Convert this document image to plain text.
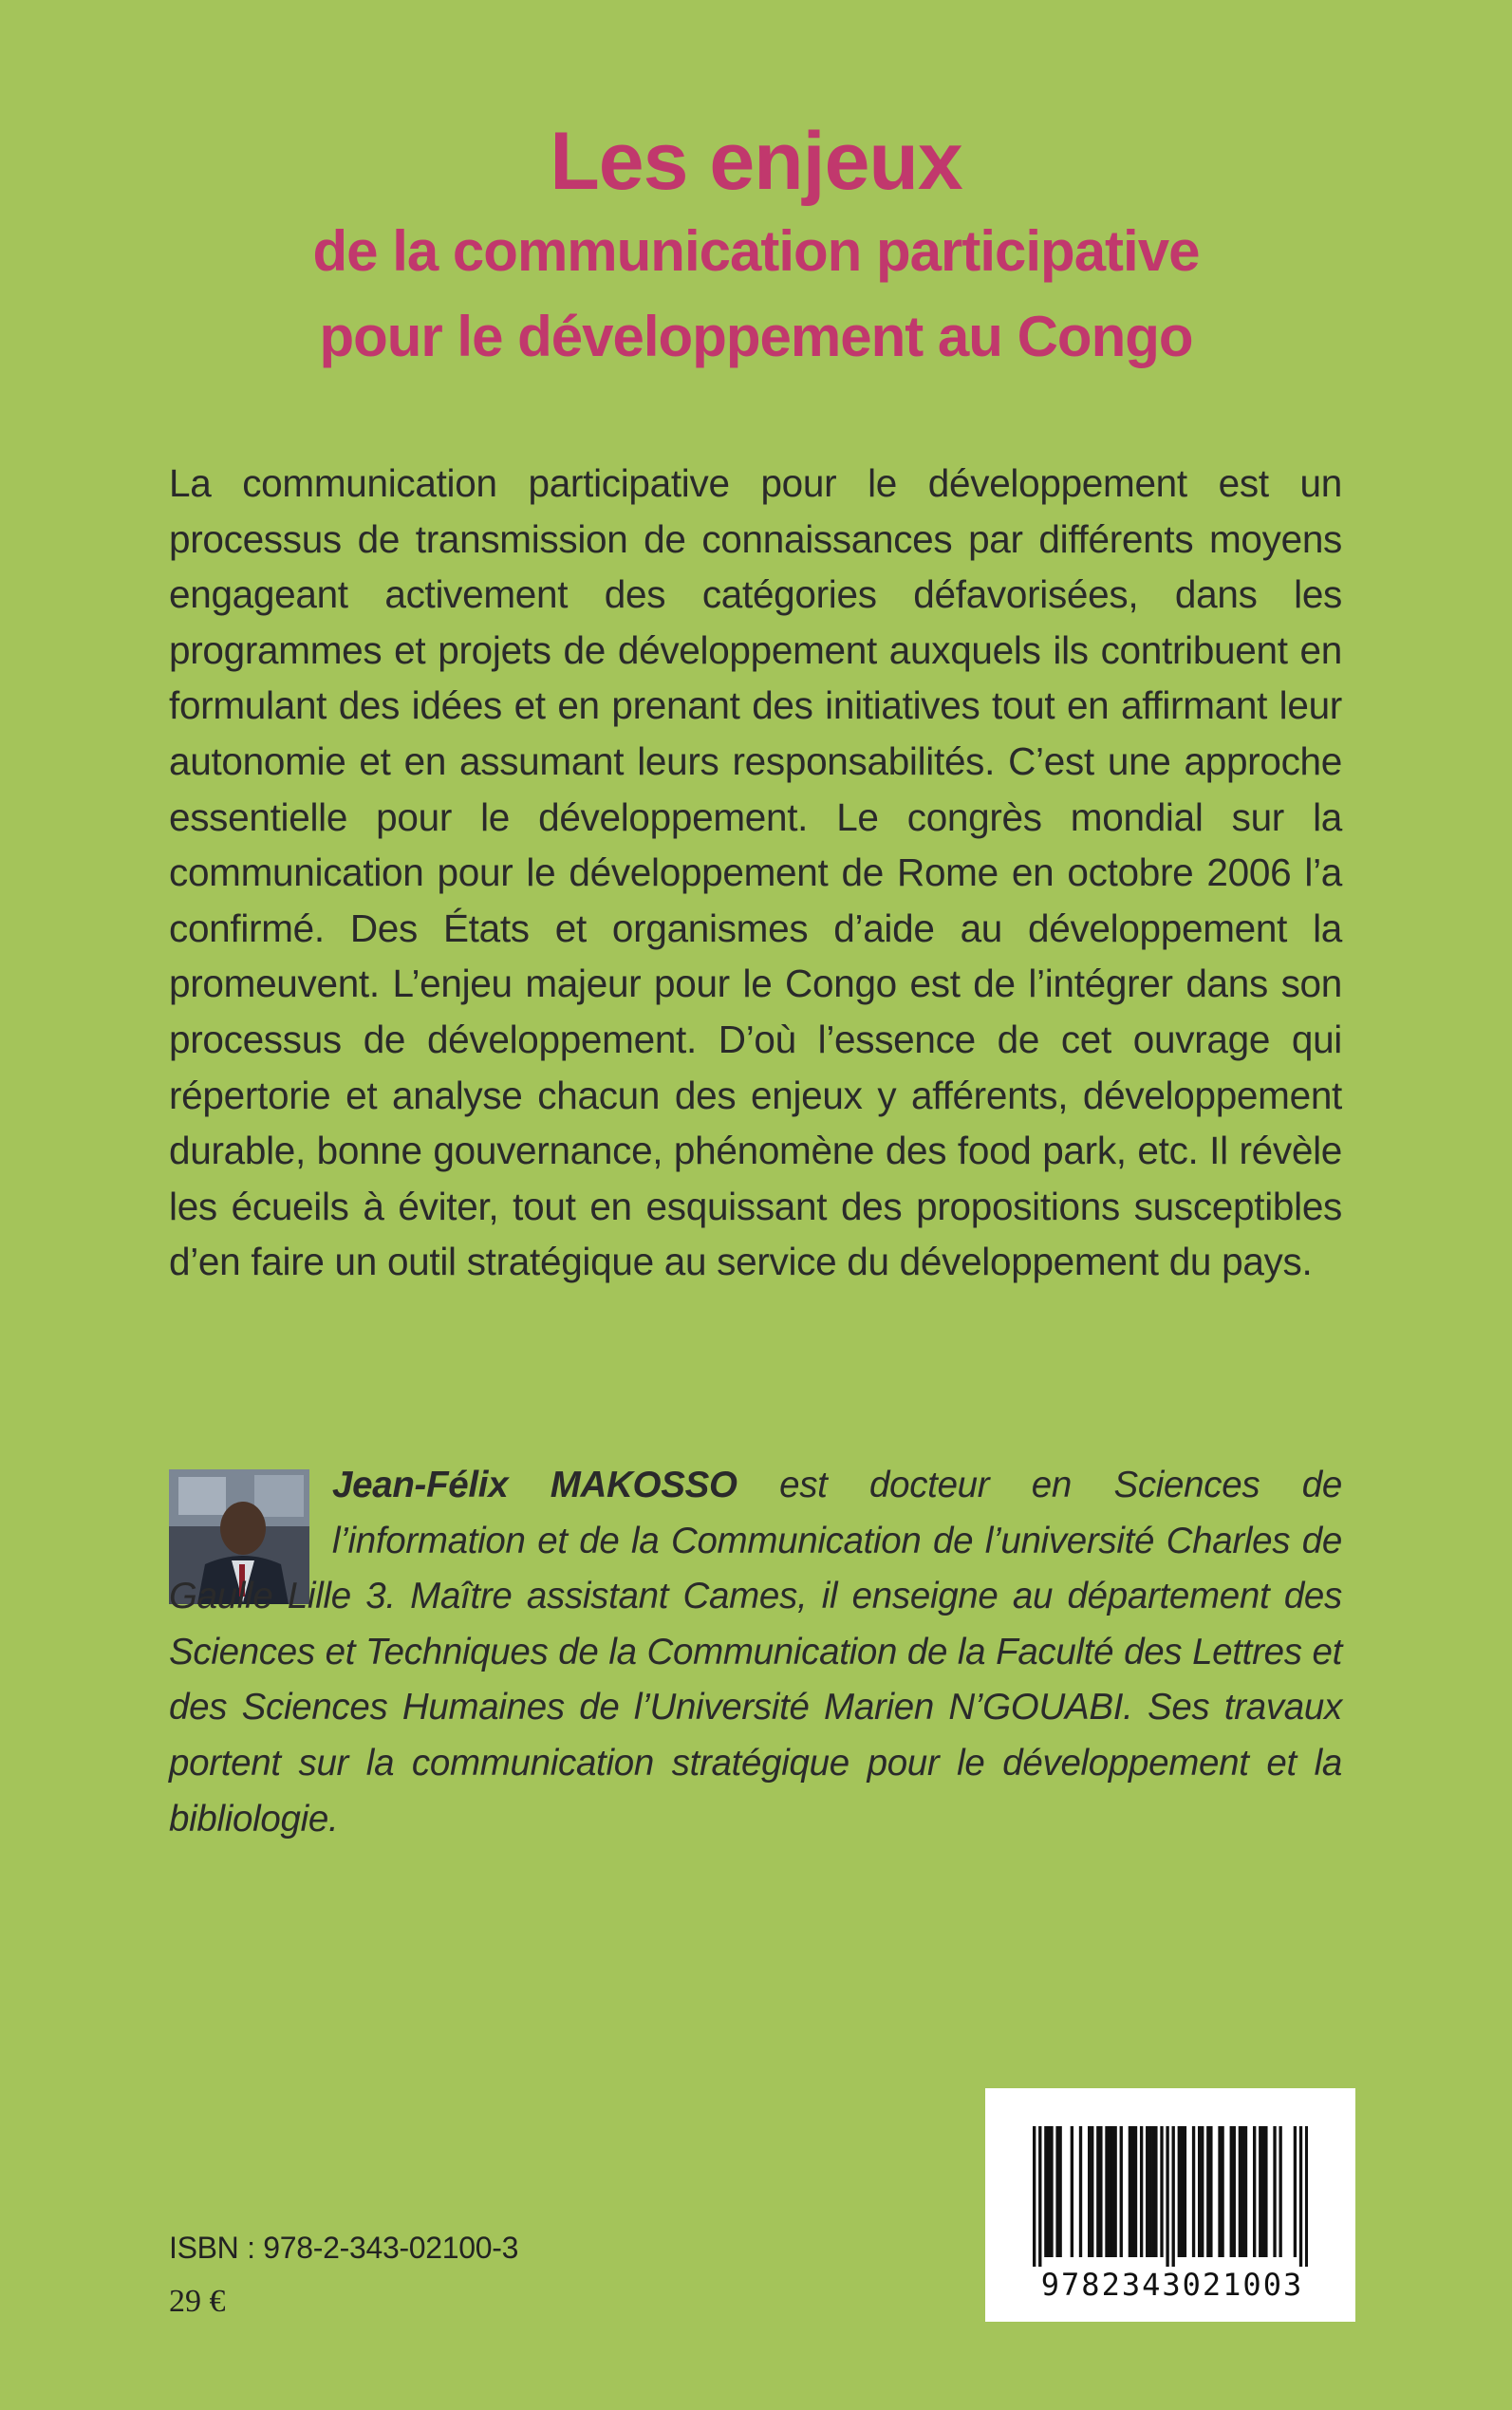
Les enjeux
de la communication participative
pour le développement au Congo

La communication participative pour le développement est un processus de transmission de connaissances par différents moyens engageant activement des catégories défavorisées, dans les programmes et projets de développement auxquels ils contribuent en formulant des idées et en prenant des initiatives tout en affirmant leur autonomie et en assumant leurs responsabilités. C’est une approche essentielle pour le développement. Le congrès mondial sur la communication pour le développement de Rome en octobre 2006 l’a confirmé. Des États et organismes d’aide au développement la promeuvent. L’enjeu majeur pour le Congo est de l’intégrer dans son processus de développement. D’où l’essence de cet ouvrage qui répertorie et analyse chacun des enjeux y afférents, développement durable, bonne gouvernance, phénomène des food park, etc. Il révèle les écueils à éviter, tout en esquissant des propositions susceptibles d’en faire un outil stratégique au service du développement du pays.

Jean-Félix MAKOSSO est docteur en Sciences de l’information et de la Communication de l’université Charles de Gaulle Lille 3. Maître assistant Cames, il enseigne au département des Sciences et Techniques de la Communication de la Faculté des Lettres et des Sciences Humaines de l’Université Marien N’GOUABI. Ses travaux portent sur la communication stratégique pour le développement et la bibliologie.

ISBN : 978-2-343-02100-3
29 €	9782343021003
